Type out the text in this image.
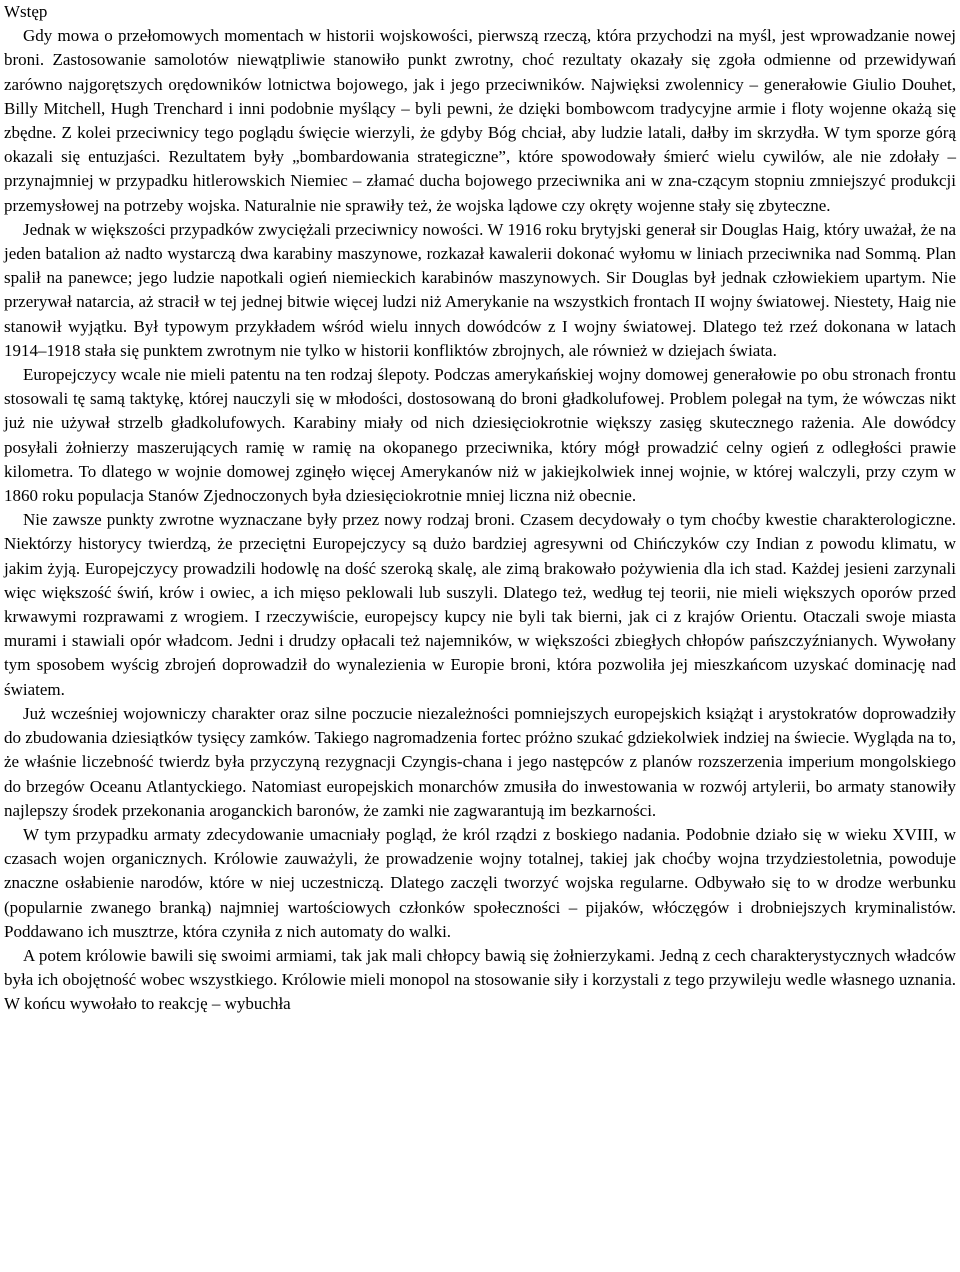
Wstęp

Gdy mowa o przełomowych momentach w historii wojskowości, pierwszą rzeczą, która przychodzi na myśl, jest wprowadzanie nowej broni. Zastosowanie samolotów niewątpliwie stanowiło punkt zwrotny, choć rezultaty okazały się zgoła odmienne od przewidywań zarówno najgorętszych orędowników lotnictwa bojowego, jak i jego przeciwników. Najwięksi zwolennicy – generałowie Giulio Douhet, Billy Mitchell, Hugh Trenchard i inni podobnie myślący – byli pewni, że dzięki bombowcom tradycyjne armie i floty wojenne okażą się zbędne. Z kolei przeciwnicy tego poglądu święcie wierzyli, że gdyby Bóg chciał, aby ludzie latali, dałby im skrzydła. W tym sporze górą okazali się entuzjaści. Rezultatem były „bombardowania strategiczne”, które spowodowały śmierć wielu cywilów, ale nie zdołały – przynajmniej w przypadku hitlerowskich Niemiec – złamać ducha bojowego przeciwnika ani w zna-czącym stopniu zmniejszyć produkcji przemysłowej na potrzeby wojska. Naturalnie nie sprawiły też, że wojska lądowe czy okręty wojenne stały się zbyteczne.

Jednak w większości przypadków zwyciężali przeciwnicy nowości. W 1916 roku brytyjski generał sir Douglas Haig, który uważał, że na jeden batalion aż nadto wystarczą dwa karabiny maszynowe, rozkazał kawalerii dokonać wyłomu w liniach przeciwnika nad Sommą. Plan spalił na panewce; jego ludzie napotkali ogień niemieckich karabinów maszynowych. Sir Douglas był jednak człowiekiem upartym. Nie przerywał natarcia, aż stracił w tej jednej bitwie więcej ludzi niż Amerykanie na wszystkich frontach II wojny światowej. Niestety, Haig nie stanowił wyjątku. Był typowym przykładem wśród wielu innych dowódców z I wojny światowej. Dlatego też rzeź dokonana w latach 1914–1918 stała się punktem zwrotnym nie tylko w historii konfliktów zbrojnych, ale również w dziejach świata.

Europejczycy wcale nie mieli patentu na ten rodzaj ślepoty. Podczas amerykańskiej wojny domowej generałowie po obu stronach frontu stosowali tę samą taktykę, której nauczyli się w młodości, dostosowaną do broni gładkolufowej. Problem polegał na tym, że wówczas nikt już nie używał strzelb gładkolufowych. Karabiny miały od nich dziesięciokrotnie większy zasięg skutecznego rażenia. Ale dowódcy posyłali żołnierzy maszerujących ramię w ramię na okopanego przeciwnika, który mógł prowadzić celny ogień z odległości prawie kilometra. To dlatego w wojnie domowej zginęło więcej Amerykanów niż w jakiejkolwiek innej wojnie, w której walczyli, przy czym w 1860 roku populacja Stanów Zjednoczonych była dziesięciokrotnie mniej liczna niż obecnie.

Nie zawsze punkty zwrotne wyznaczane były przez nowy rodzaj broni. Czasem decydowały o tym choćby kwestie charakterologiczne. Niektórzy historycy twierdzą, że przeciętni Europejczycy są dużo bardziej agresywni od Chińczyków czy Indian z powodu klimatu, w jakim żyją. Europejczycy prowadzili hodowlę na dość szeroką skalę, ale zimą brakowało pożywienia dla ich stad. Każdej jesieni zarzynali więc większość świń, krów i owiec, a ich mięso peklowali lub suszyli. Dlatego też, według tej teorii, nie mieli większych oporów przed krwawymi rozprawami z wrogiem. I rzeczywiście, europejscy kupcy nie byli tak bierni, jak ci z krajów Orientu. Otaczali swoje miasta murami i stawiali opór władcom. Jedni i drudzy opłacali też najemników, w większości zbiegłych chłopów pańszczyźnianych. Wywołany tym sposobem wyścig zbrojeń doprowadził do wynalezienia w Europie broni, która pozwoliła jej mieszkańcom uzyskać dominację nad światem.

Już wcześniej wojowniczy charakter oraz silne poczucie niezależności pomniejszych europejskich książąt i arystokratów doprowadziły do zbudowania dziesiątków tysięcy zamków. Takiego nagromadzenia fortec próżno szukać gdziekolwiek indziej na świecie. Wygląda na to, że właśnie liczebność twierdz była przyczyną rezygnacji Czyngis-chana i jego następców z planów rozszerzenia imperium mongolskiego do brzegów Oceanu Atlantyckiego. Natomiast europejskich monarchów zmusiła do inwestowania w rozwój artylerii, bo armaty stanowiły najlepszy środek przekonania aroganckich baronów, że zamki nie zagwarantują im bezkarności.

W tym przypadku armaty zdecydowanie umacniały pogląd, że król rządzi z boskiego nadania. Podobnie działo się w wieku XVIII, w czasach wojen organicznych. Królowie zauważyli, że prowadzenie wojny totalnej, takiej jak choćby wojna trzydziestoletnia, powoduje znaczne osłabienie narodów, które w niej uczestniczą. Dlatego zaczęli tworzyć wojska regularne. Odbywało się to w drodze werbunku (popularnie zwanego branką) najmniej wartościowych członków społeczności – pijaków, włóczęgów i drobniejszych kryminalistów. Poddawano ich musztrze, która czyniła z nich automaty do walki.

A potem królowie bawili się swoimi armiami, tak jak mali chłopcy bawią się żołnierzykami. Jedną z cech charakterystycznych władców była ich obojętność wobec wszystkiego. Królowie mieli monopol na stosowanie siły i korzystali z tego przywileju wedle własnego uznania. W końcu wywołało to reakcję – wybuchła
